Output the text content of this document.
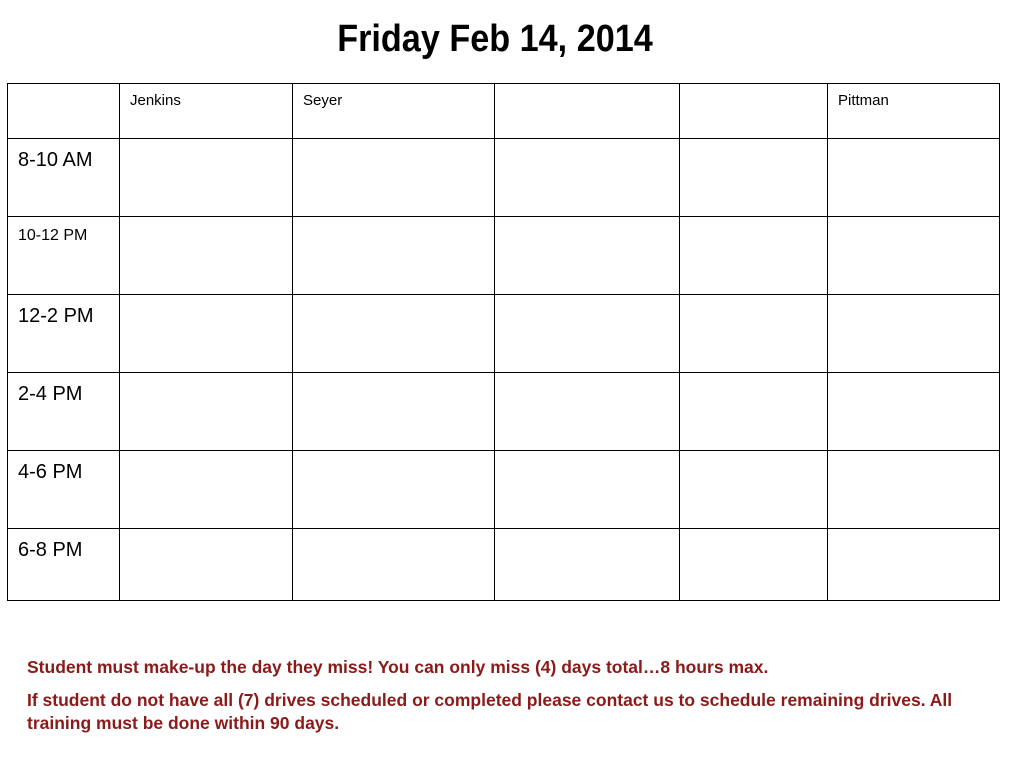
Friday Feb 14, 2014
	Jenkins	Seyer			Pittman
8-10 AM					
10-12 PM					
12-2 PM					
2-4 PM					
4-6 PM					
6-8 PM					

Student must make-up the day they miss! You can only miss (4) days total…8 hours max.

If student do not have all (7) drives scheduled or completed please contact us to schedule remaining drives. All training must be done within 90 days.
